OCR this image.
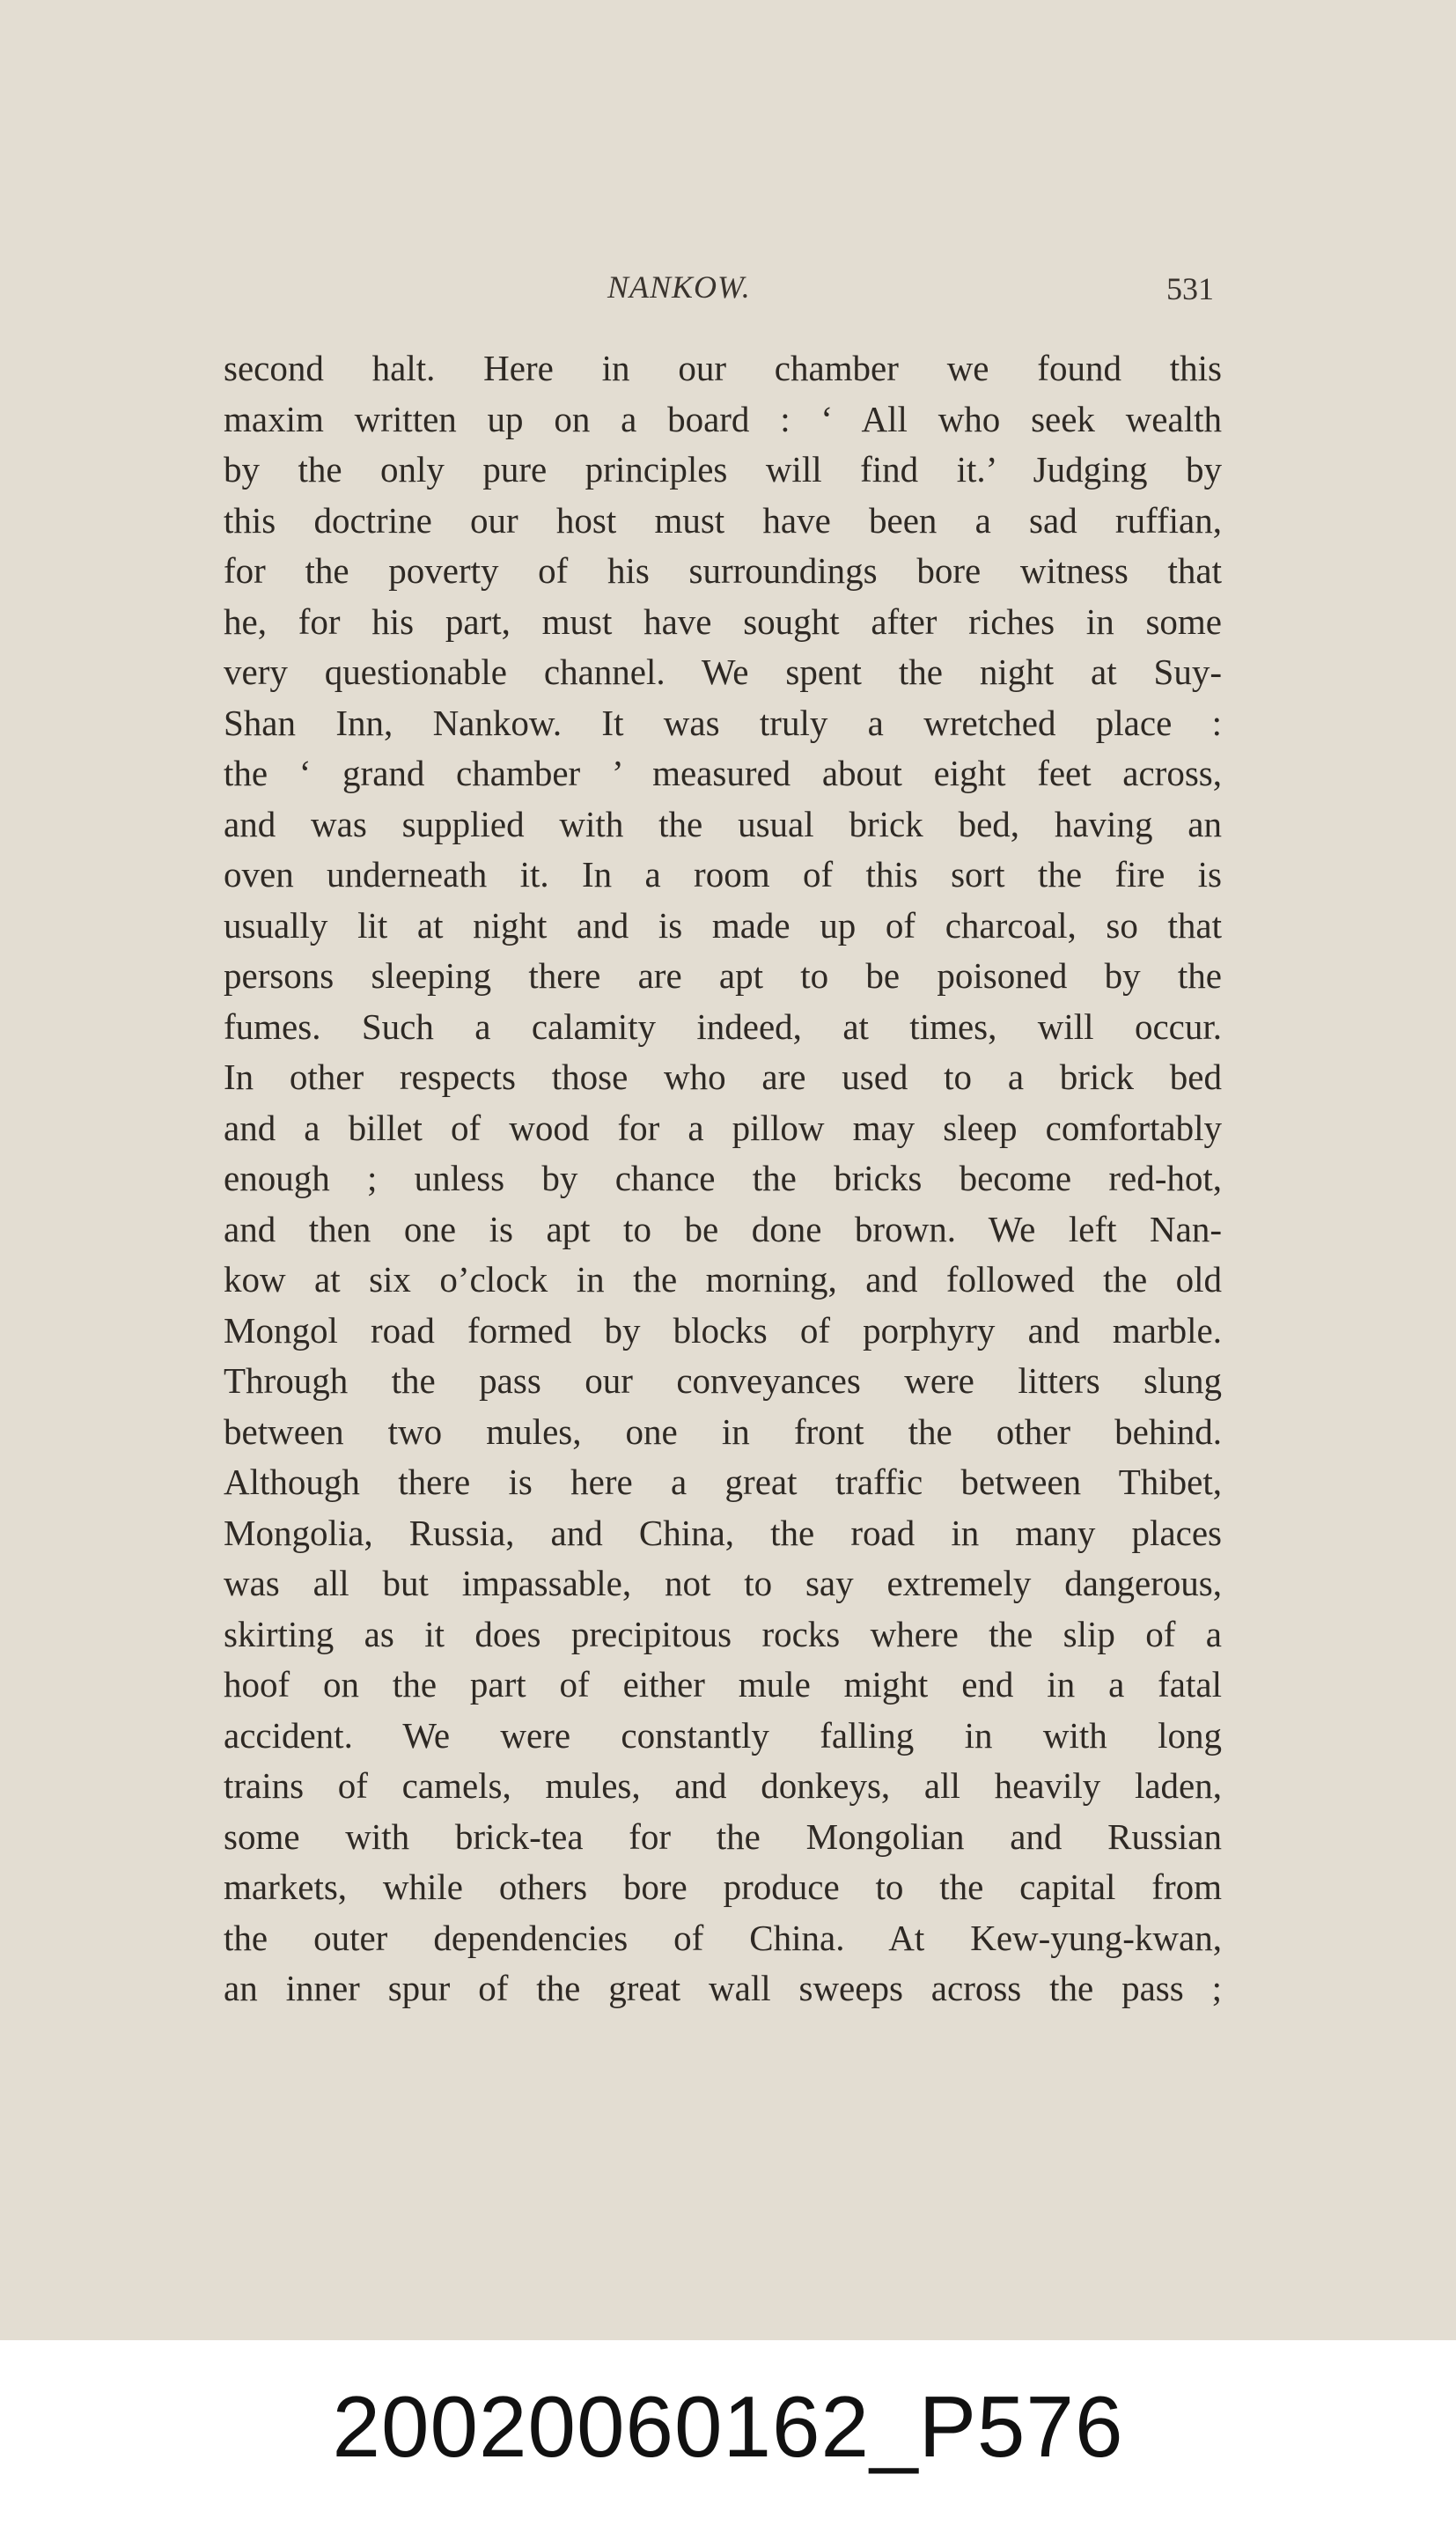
NANKOW.	531
second halt. Here in our chamber we found this
maxim written up on a board : ‘ All who seek wealth
by the only pure principles will find it.’ Judging by
this doctrine our host must have been a sad ruffian,
for the poverty of his surroundings bore witness that
he, for his part, must have sought after riches in some
very questionable channel. We spent the night at Suy-
Shan Inn, Nankow. It was truly a wretched place :
the ‘ grand chamber ’ measured about eight feet across,
and was supplied with the usual brick bed, having an
oven underneath it. In a room of this sort the fire is
usually lit at night and is made up of charcoal, so that
persons sleeping there are apt to be poisoned by the
fumes. Such a calamity indeed, at times, will occur.
In other respects those who are used to a brick bed
and a billet of wood for a pillow may sleep comfortably
enough ; unless by chance the bricks become red-hot,
and then one is apt to be done brown. We left Nan-
kow at six o’clock in the morning, and followed the old
Mongol road formed by blocks of porphyry and marble.
Through the pass our conveyances were litters slung
between two mules, one in front the other behind.
Although there is here a great traffic between Thibet,
Mongolia, Russia, and China, the road in many places
was all but impassable, not to say extremely dangerous,
skirting as it does precipitous rocks where the slip of a
hoof on the part of either mule might end in a fatal
accident. We were constantly falling in with long
trains of camels, mules, and donkeys, all heavily laden,
some with brick-tea for the Mongolian and Russian
markets, while others bore produce to the capital from
the outer dependencies of China. At Kew-yung-kwan,
an inner spur of the great wall sweeps across the pass ;
20020060162_P576
